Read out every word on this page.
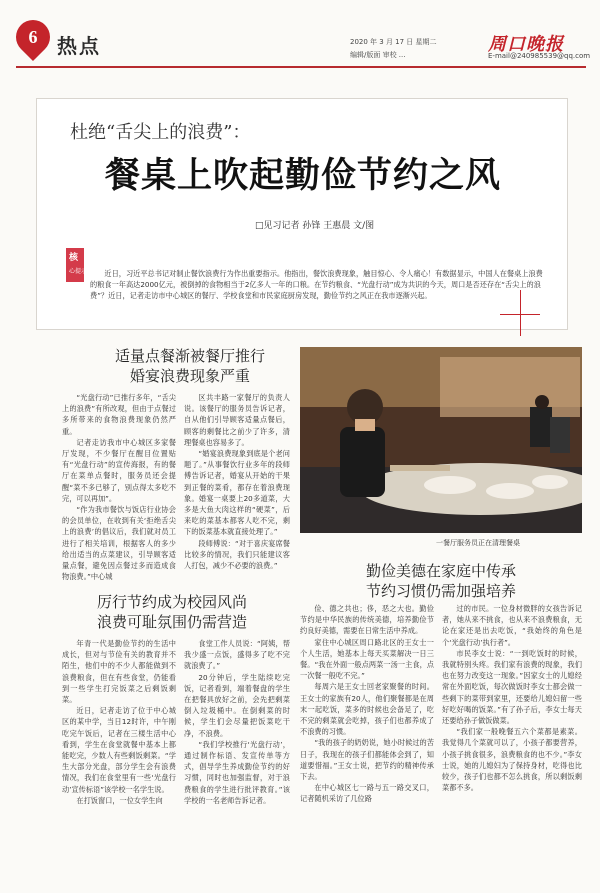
6 热点	2020 年 3 月 17 日 星期二
编辑/版面 审校 ...	周口晚报
E-mail@240985539@qq.com
杜绝“舌尖上的浪费”：
餐桌上吹起勤俭节约之风
□见习记者 孙锋 王惠晨 文/图
核
心提示	近日，习近平总书记对制止餐饮浪费行为作出重要指示。他指出，餐饮浪费现象，触目惊心、令人痛心！有数据显示，中国人在餐桌上浪费的粮食一年高达2000亿元，被倒掉的食物相当于2亿多人一年的口粮。在节约粮食、“光盘行动”成为共识的今天，周口是否还存在“舌尖上的浪费”？近日，记者走访市中心城区的餐厅、学校食堂和市民家庭厨房发现，勤俭节约之风正在我市逐渐兴起。
适量点餐渐被餐厅推行
婚宴浪费现象严重

“光盘行动”已推行多年，“舌尖上的浪费”有所改观，但由于点餐过多所带来的食物浪费现象仍然严重。

记者走访我市中心城区多家餐厅发现，不少餐厅在醒目位置贴有“光盘行动”的宣传海报，有的餐厅在菜单点餐时，服务员还会提醒“菜不多已够了，别点得太多吃不完，可以再加”。

“作为我市餐饮与饭店行业协会的会员单位，在收到有关‘拒绝舌尖上的浪费’的倡议后，我们就对员工进行了相关培训，根据客人的多少给出适当的点菜建议，引导顾客适量点餐，避免因点餐过多而造成食物浪费。”中心城

区共丰路一家餐厅的负责人说。该餐厅的服务员告诉记者，自从他们引导顾客适量点餐后，顾客的剩餐比之前少了许多，清理餐桌也容易多了。

“婚宴浪费现象到底是个老问题了。”从事餐饮行业多年的段师傅告诉记者，婚宴从开始的干果到正餐的菜肴，都存在着浪费现象。婚宴一桌要上20多道菜，大多是大鱼大肉这样的“硬菜”，后来吃的菜基本都客人吃不完，剩下的饭菜基本就直接处理了。”

段师傅说：“对于喜庆宴席餐比较多的情况，我们只能建议客人打包，减少不必要的浪费。”

一餐厅服务员正在清理餐桌
勤俭美德在家庭中传承
节约习惯仍需加强培养

俭、德之共也；侈，恶之大也。勤俭节约是中华民族的传统美德，培养勤俭节约良好美德，需要在日常生活中养成。

家住中心城区周口路北区的王女士一个人生活，她基本上每天买菜解决一日三餐。“我在外面一般点两菜一汤一主食，点一次餐一般吃不完。”

每周六是王女士回老家聚餐的时间。王女士的家族有20人，他们聚餐都是在周末一起吃饭，菜多的时候也会备足了，吃不完的剩菜就会吃掉，孩子们也都养成了不浪费的习惯。

“我的孩子的奶奶说，她小时候过的苦日子，我现在的孩子们都能体会到了，知道要惜福。”王女士说，把节约的精神传承下去。

在中心城区七一路与五一路交叉口，记者随机采访了几位路

过的市民。一位身材微胖的女孩告诉记者，她从来不挑食，也从来不浪费粮食，无论在家还是出去吃饭，“我始终的角色是个‘光盘行动’执行者”。

市民李女士说：“一到吃饭时的时候，我就特别头疼。我们家有浪费的现象，我们也在努力改变这一现象。”因家女士的儿媳经常在外面吃饭，每次做饭时李女士都会做一些剩下的菜带到家里，还要给儿媳妇留一些好吃好喝的饭菜。”有了孙子后，李女士每天还要给孙子做饭做菜。

“我们家一般晚餐五六个菜都是素菜。我觉得几个菜就可以了，小孩子都要营养，小孩子挑食很多，浪费粮食的也不少。”李女士说，她的儿媳妇为了保持身材，吃得也比较少，孩子们也都不怎么挑食，所以剩饭剩菜都不多。

厉行节约成为校园风尚
浪费可耻氛围仍需营造

年青一代是勤俭节约的生活中成长，但对与节俭有关的教育并不陌生，他们中的不少人都能做到不浪费粮食，但在有些食堂，仍能看到一些学生打完饭菜之后剩饭剩菜。

近日，记者走访了位于中心城区的某中学，当日12时许，中午刚吃完午饭后，记者在三楼生活中心看到，学生在食堂就餐中基本上都能吃完，少数人有些剩饭剩菜。“学生大部分光盘，部分学生会有浪费情况，我们在食堂里有一些‘光盘行动’宣传标语”该学校一名学生说。

在打饭窗口，一位女学生向

食堂工作人员说：“阿姨，帮我少盛一点饭，盛得多了吃不完就浪费了。”

20分钟后，学生陆续吃完饭，记者看到，端着餐盘的学生在把餐具放好之前，会先把剩菜倒入垃圾桶中。在倒剩菜的时候，学生们会尽量把饭菜吃干净，不浪费。

“我们学校推行‘光盘行动’，通过制作标语、发宣传单等方式，倡导学生养成勤俭节约的好习惯，同时也加强监督，对于浪费粮食的学生进行批评教育。”该学校的一名老师告诉记者。
